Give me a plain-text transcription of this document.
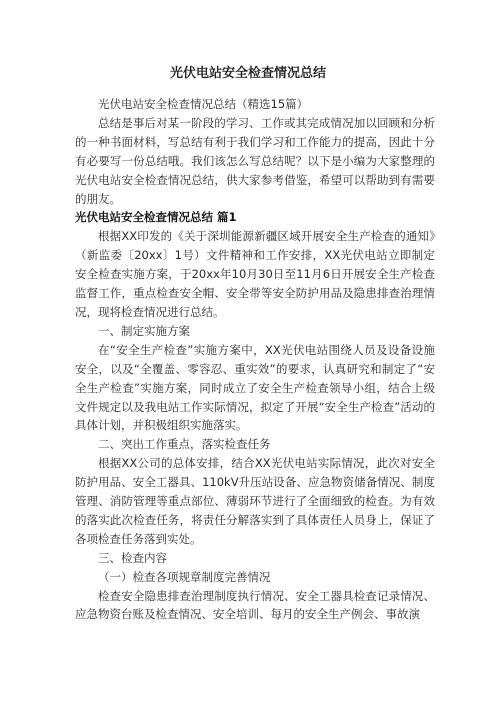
光伏电站安全检查情况总结

光伏电站安全检查情况总结（精选15篇）

总结是事后对某一阶段的学习、工作或其完成情况加以回顾和分析的一种书面材料，写总结有利于我们学习和工作能力的提高，因此十分有必要写一份总结哦。我们该怎么写总结呢？以下是小编为大家整理的光伏电站安全检查情况总结，供大家参考借鉴，希望可以帮助到有需要的朋友。

光伏电站安全检查情况总结 篇1

根据XX印发的《关于深圳能源新疆区域开展安全生产检查的通知》（新监委〔20xx〕1号）文件精神和工作安排，XX光伏电站立即制定安全检查实施方案，于20xx年10月30日至11月6日开展安全生产检查监督工作，重点检查安全帽、安全带等安全防护用品及隐患排查治理情况，现将检查情况进行总结。

一、制定实施方案

在“安全生产检查”实施方案中，XX光伏电站围绕人员及设备设施安全，以及“全覆盖、零容忍、重实效”的要求，认真研究和制定了“安全生产检查”实施方案，同时成立了安全生产检查领导小组，结合上级文件规定以及我电站工作实际情况，拟定了开展“安全生产检查”活动的具体计划，并积极组织实施落实。

二、突出工作重点，落实检查任务

根据XX公司的总体安排，结合XX光伏电站实际情况，此次对安全防护用品、安全工器具、110kV升压站设备、应急物资储备情况、制度管理、消防管理等重点部位、薄弱环节进行了全面细致的检查。为有效的落实此次检查任务，将责任分解落实到了具体责任人员身上，保证了各项检查任务落到实处。

三、检查内容

（一）检查各项规章制度完善情况

检查安全隐患排查治理制度执行情况、安全工器具检查记录情况、应急物资台账及检查情况、安全培训、每月的安全生产例会、事故演
